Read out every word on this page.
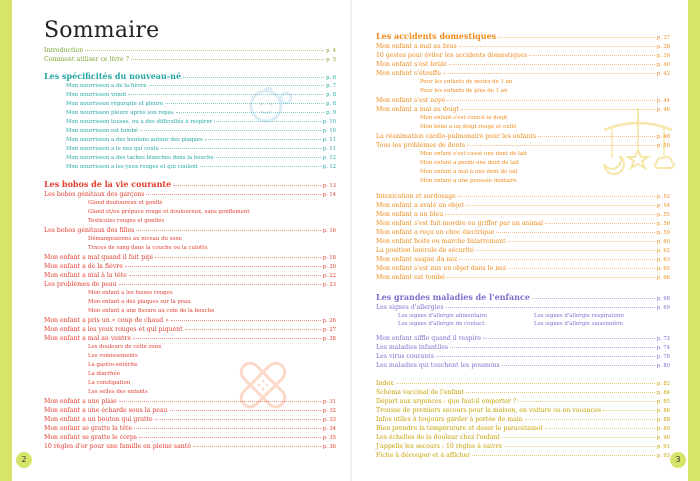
Sommaire
Introduction	p. 4
Comment utiliser ce livre ?	p. 5
Les spécificités du nouveau-né	p. 6
Mon nourrisson a de la fièvre	p. 7
Mon nourrisson vomit	p. 8
Mon nourrisson régurgite et pleure	p. 8
Mon nourrisson pleure après son repas	p. 9
Mon nourrisson tousse, ou a des difficultés à respirer	p. 10
Mon nourrisson est tombé	p. 10
Mon nourrisson a des boutons autour des plaques	p. 11
Mon nourrisson a le nez qui coule	p. 11
Mon nourrisson a des taches blanches dans la bouche	p. 12
Mon nourrisson a les yeux rouges et qui coulent	p. 12
Les bobos de la vie courante	p. 13
Les bobos génitaux des garçons	p. 14
Gland douloureux et gonflé
Gland et/ou prépuce rouge et douloureux, sans gonflement
Testicules rouges et gonflés
Les bobos génitaux des filles	p. 16
Démangeaisons au niveau du sexe
Traces de sang dans la couche ou la culotte
Mon enfant a mal quand il fait pipi	p. 18
Mon enfant a de la fièvre	p. 20
Mon enfant a mal à la tête	p. 22
Les problèmes de peau	p. 23
Mon enfant a les fesses rouges
Mon enfant a des plaques sur la peau
Mon enfant a une fissure au coin de la bouche
Mon enfant a pris un « coup de chaud »	p. 26
Mon enfant a les yeux rouges et qui piquent	p. 27
Mon enfant a mal au ventre	p. 28
Les douleurs de cette zone
Les vomissements
La gastro-entérite
La diarrhée
La constipation
Les selles des enfants
Mon enfant a une plaie	p. 31
Mon enfant a une écharde sous la peau	p. 32
Mon enfant a un bouton qui gratte	p. 33
Mon enfant se gratte la tête	p. 34
Mon enfant se gratte le corps	p. 35
10 règles d'or pour une famille en pleine santé	p. 36
2
Les accidents domestiques	p. 37
Mon enfant a mal au bras	p. 38
10 gestes pour éviter les accidents domestiques	p. 39
Mon enfant s'est brûlé	p. 40
Mon enfant s'étouffe	p. 42
Pour les enfants de moins de 1 an
Pour les enfants de plus de 1 an
Mon enfant s'est noyé	p. 44
Mon enfant a mal au doigt	p. 46
Mon enfant s'est coincé le doigt
Mon bébé a un doigt rouge et enflé
La réanimation cardio-pulmonaire pour les enfants	p. 48
Tous les problèmes de dents	p. 50
Mon enfant s'est cassé une dent de lait
Mon enfant a perdu une dent de lait
Mon enfant a mal à une dent de lait
Mon enfant a une poussée dentaire
Intoxication et surdosage	p. 52
Mon enfant a avalé un objet	p. 54
Mon enfant a un bleu	p. 55
Mon enfant s'est fait mordre ou griffer par un animal	p. 56
Mon enfant a reçu un choc électrique	p. 59
Mon enfant boite ou marche bizarrement	p. 60
La position latérale de sécurité	p. 62
Mon enfant saigne du nez	p. 63
Mon enfant s'est mis un objet dans le nez	p. 65
Mon enfant est tombé	p. 66
Les grandes maladies de l'enfance	p. 68
Les signes d'allergies	p. 69
Les signes d'allergie alimentaire
Les signes d'allergie de contact
Les signes d'allergie respiratoire
Les signes d'allergie saisonnière
Mon enfant siffle quand il respire	p. 72
Les maladies infantiles	p. 74
Les virus courants	p. 78
Les maladies qui touchent les poumons	p. 80
Index	p. 82
Schéma vaccinal de l'enfant	p. 84
Départ aux urgences : que faut-il emporter ?	p. 85
Trousse de premiers secours pour la maison, en voiture ou en vacances	p. 86
Infos utiles à toujours garder à portée de main	p. 88
Bien prendre la température et doser le paracétamol	p. 89
Les échelles de la douleur chez l'enfant	p. 90
J'appelle les secours : 10 règles à suivre	p. 91
Fiche à découper et à afficher	p. 93 3
